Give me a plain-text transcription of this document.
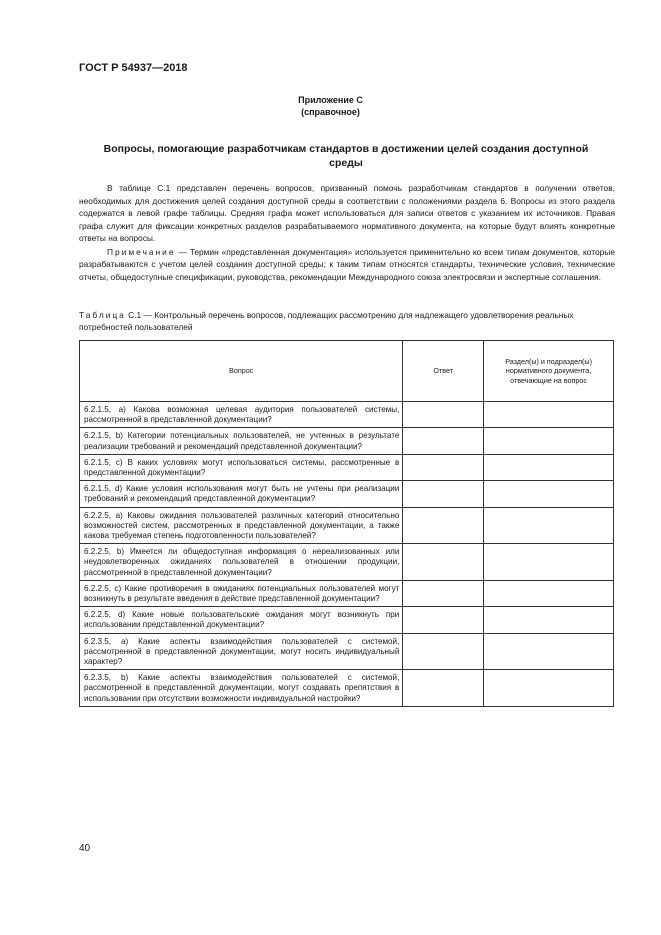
ГОСТ Р 54937—2018
Приложение С
(справочное)
Вопросы, помогающие разработчикам стандартов в достижении целей создания доступной среды

В таблице С.1 представлен перечень вопросов, призванный помочь разработчикам стандартов в получении ответов, необходимых для достижения целей создания доступной среды в соответствии с положениями раздела 6. Вопросы из этого раздела содержатся в левой графе таблицы. Средняя графа может использоваться для записи ответов с указанием их источников. Правая графа служит для фиксации конкретных разделов разрабатываемого нормативного документа, на которые будут влиять конкретные ответы на вопросы.

Примечание — Термин «представленная документация» используется применительно ко всем типам документов, которые разрабатываются с учетом целей создания доступной среды; к таким типам относятся стандарты, технические условия, технические отчеты, общедоступные спецификации, руководства, рекомендации Международного союза электросвязи и экспертные соглашения.

Таблица С.1 — Контрольный перечень вопросов, подлежащих рассмотрению для надлежащего удовлетворения реальных потребностей пользователей
Вопрос	Ответ	Раздел(ы) и подраздел(ы) нормативного документа, отвечающие на вопрос
6.2.1.5, a) Какова возможная целевая аудитория пользователей системы, рассмотренной в представленной документации?		
6.2.1.5, b) Категории потенциальных пользователей, не учтенных в результате реализации требований и рекомендаций представленной документации?		
6.2.1.5, c) В каких условиях могут использоваться системы, рассмотренные в представленной документации?		
6.2.1.5, d) Какие условия использования могут быть не учтены при реализации требований и рекомендаций представленной документации?		
6.2.2.5, a) Каковы ожидания пользователей различных категорий относительно возможностей систем, рассмотренных в представленной документации, а также какова требуемая степень подготовленности пользователей?		
6.2.2.5, b) Имеется ли общедоступная информация о нереализованных или неудовлетворенных ожиданиях пользователей в отношении продукции, рассмотренной в представленной документации?		
6.2.2.5, c) Какие противоречия в ожиданиях потенциальных пользователей могут возникнуть в результате введения в действие представленной документации?		
6.2.2.5, d) Какие новые пользовательские ожидания могут возникнуть при использовании представленной документации?		
6.2.3.5, a) Какие аспекты взаимодействия пользователей с системой, рассмотренной в представленной документации, могут носить индивидуальный характер?		
6.2.3.5, b) Какие аспекты взаимодействия пользователей с системой, рассмотренной в представленной документации, могут создавать препятствия в использовании при отсутствии возможности индивидуальной настройки?		
40
